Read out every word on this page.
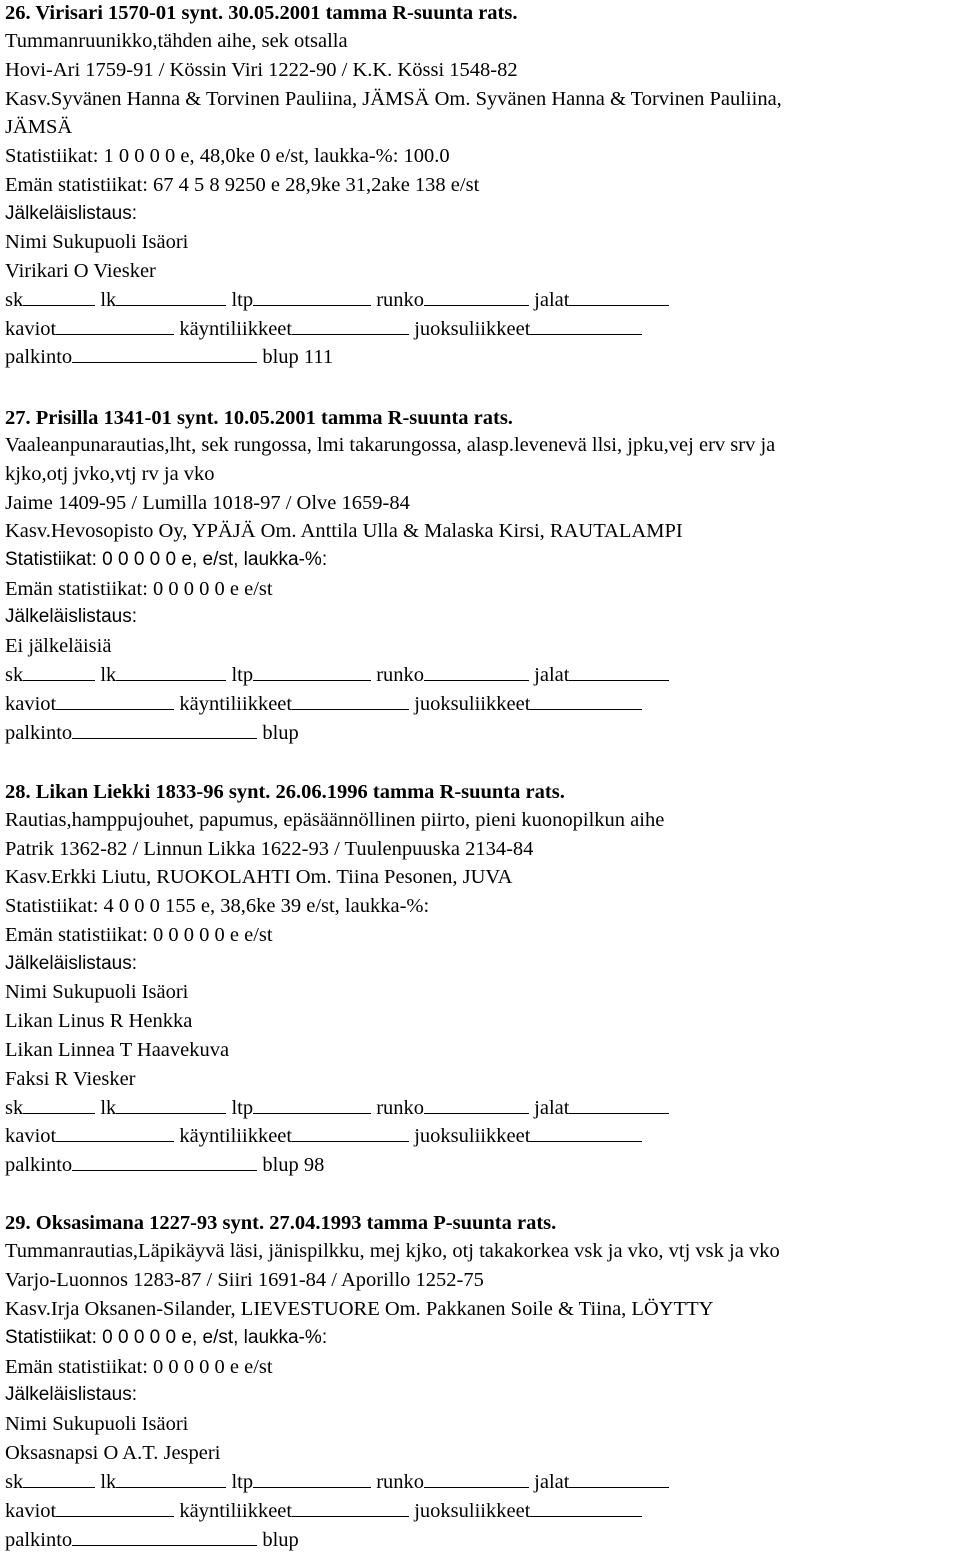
26. Virisari 1570-01 synt. 30.05.2001 tamma R-suunta rats.
Tummanruunikko,tähden aihe, sek otsalla
Hovi-Ari 1759-91 / Kössin Viri 1222-90 / K.K. Kössi 1548-82
Kasv.Syvänen Hanna & Torvinen Pauliina, JÄMSÄ Om. Syvänen Hanna & Torvinen Pauliina,
JÄMSÄ
Statistiikat: 1 0 0 0 0 e, 48,0ke 0 e/st, laukka-%: 100.0
Emän statistiikat: 67 4 5 8 9250 e 28,9ke 31,2ake 138 e/st
Jälkeläislistaus:
Nimi Sukupuoli Isäori
Virikari O Viesker
sk	lk	ltp	runko	jalat
kaviot	käyntiliikkeet	juoksuliikkeet
palkinto	blup 111
27. Prisilla 1341-01 synt. 10.05.2001 tamma R-suunta rats.
Vaaleanpunarautias,lht, sek rungossa, lmi takarungossa, alasp.levenevä llsi, jpku,vej erv srv ja
kjko,otj jvko,vtj rv ja vko
Jaime 1409-95 / Lumilla 1018-97 / Olve 1659-84
Kasv.Hevosopisto Oy, YPÄJÄ Om. Anttila Ulla & Malaska Kirsi, RAUTALAMPI
Statistiikat: 0 0 0 0 0 e, e/st, laukka-%:
Emän statistiikat: 0 0 0 0 0 e e/st
Jälkeläislistaus:
Ei jälkeläisiä
sk	lk	ltp	runko	jalat
kaviot	käyntiliikkeet	juoksuliikkeet
palkinto	blup
28. Likan Liekki 1833-96 synt. 26.06.1996 tamma R-suunta rats.
Rautias,hamppujouhet, papumus, epäsäännöllinen piirto, pieni kuonopilkun aihe
Patrik 1362-82 / Linnun Likka 1622-93 / Tuulenpuuska 2134-84
Kasv.Erkki Liutu, RUOKOLAHTI Om. Tiina Pesonen, JUVA
Statistiikat: 4 0 0 0 155 e, 38,6ke 39 e/st, laukka-%:
Emän statistiikat: 0 0 0 0 0 e e/st
Jälkeläislistaus:
Nimi Sukupuoli Isäori
Likan Linus R Henkka
Likan Linnea T Haavekuva
Faksi R Viesker
sk	lk	ltp	runko	jalat
kaviot	käyntiliikkeet	juoksuliikkeet
palkinto	blup 98
29. Oksasimana 1227-93 synt. 27.04.1993 tamma P-suunta rats.
Tummanrautias,Läpikäyvä läsi, jänispilkku, mej kjko, otj takakorkea vsk ja vko, vtj vsk ja vko
Varjo-Luonnos 1283-87 / Siiri 1691-84 / Aporillo 1252-75
Kasv.Irja Oksanen-Silander, LIEVESTUORE Om. Pakkanen Soile & Tiina, LÖYTTY
Statistiikat: 0 0 0 0 0 e, e/st, laukka-%:
Emän statistiikat: 0 0 0 0 0 e e/st
Jälkeläislistaus:
Nimi Sukupuoli Isäori
Oksasnapsi O A.T. Jesperi
sk	lk	ltp	runko	jalat
kaviot	käyntiliikkeet	juoksuliikkeet
palkinto	blup
